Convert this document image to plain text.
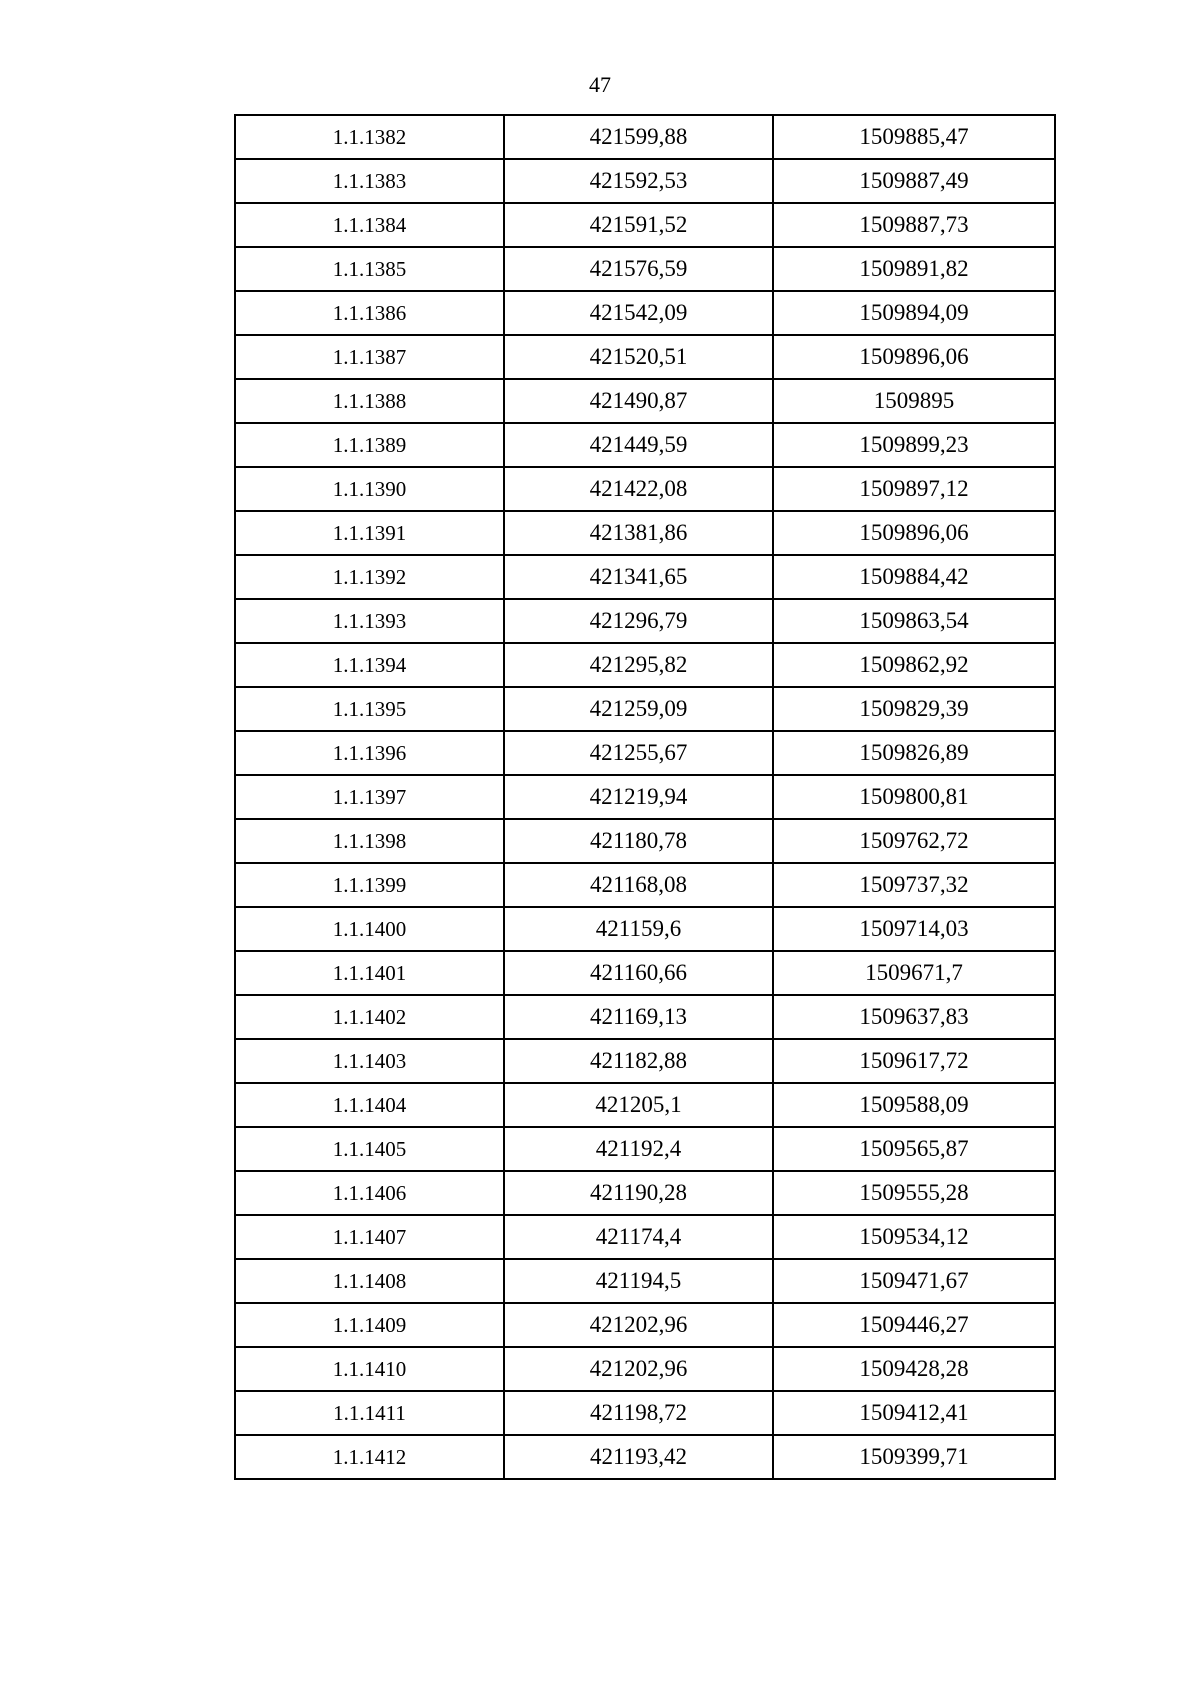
47
1.1.1382	421599,88	1509885,47
1.1.1383	421592,53	1509887,49
1.1.1384	421591,52	1509887,73
1.1.1385	421576,59	1509891,82
1.1.1386	421542,09	1509894,09
1.1.1387	421520,51	1509896,06
1.1.1388	421490,87	1509895
1.1.1389	421449,59	1509899,23
1.1.1390	421422,08	1509897,12
1.1.1391	421381,86	1509896,06
1.1.1392	421341,65	1509884,42
1.1.1393	421296,79	1509863,54
1.1.1394	421295,82	1509862,92
1.1.1395	421259,09	1509829,39
1.1.1396	421255,67	1509826,89
1.1.1397	421219,94	1509800,81
1.1.1398	421180,78	1509762,72
1.1.1399	421168,08	1509737,32
1.1.1400	421159,6	1509714,03
1.1.1401	421160,66	1509671,7
1.1.1402	421169,13	1509637,83
1.1.1403	421182,88	1509617,72
1.1.1404	421205,1	1509588,09
1.1.1405	421192,4	1509565,87
1.1.1406	421190,28	1509555,28
1.1.1407	421174,4	1509534,12
1.1.1408	421194,5	1509471,67
1.1.1409	421202,96	1509446,27
1.1.1410	421202,96	1509428,28
1.1.1411	421198,72	1509412,41
1.1.1412	421193,42	1509399,71
